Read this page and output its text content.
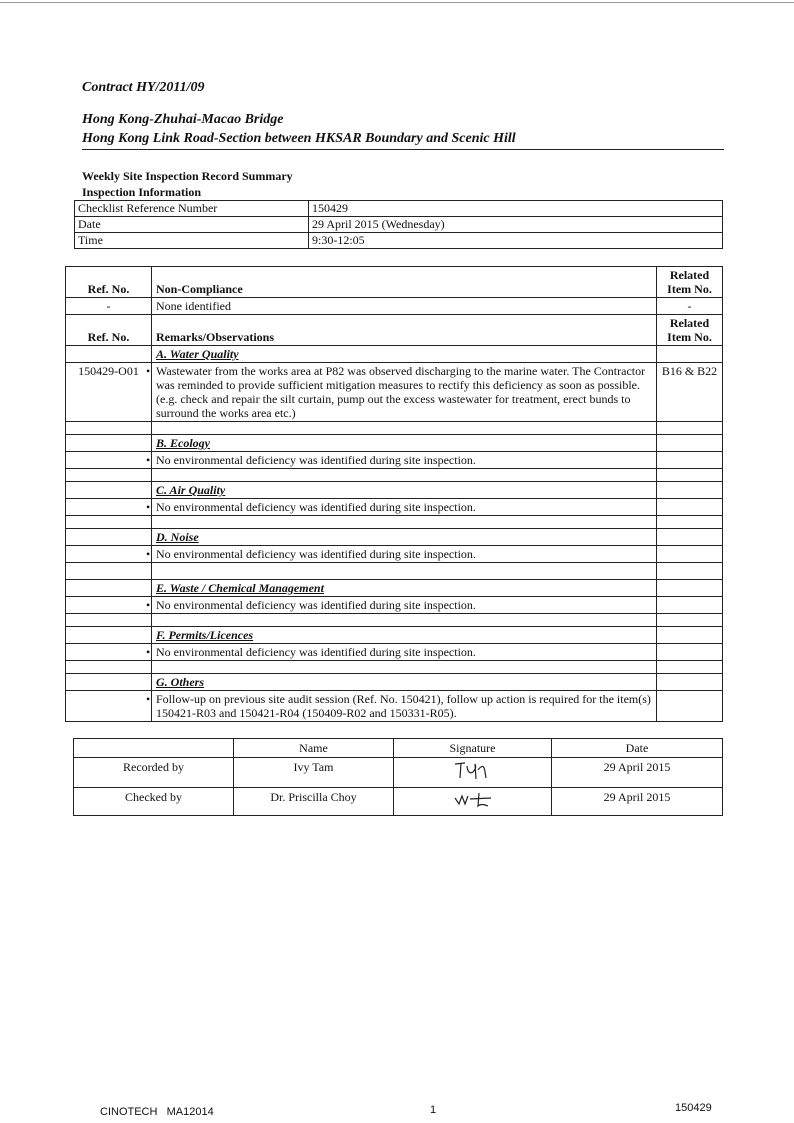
Contract HY/2011/09
Hong Kong-Zhuhai-Macao Bridge
Hong Kong Link Road-Section between HKSAR Boundary and Scenic Hill
Weekly Site Inspection Record Summary
Inspection Information
Checklist Reference Number	150429
Date	29 April 2015 (Wednesday)
Time	9:30-12:05
Ref. No.	Non-Compliance	Related Item No.
-	None identified	-
Ref. No.	Remarks/Observations	Related Item No.
	A. Water Quality	
150429-O01	• Wastewater from the works area at P82 was observed discharging to the marine water. The Contractor was reminded to provide sufficient mitigation measures to rectify this deficiency as soon as possible. (e.g. check and repair the silt curtain, pump out the excess wastewater for treatment, erect bunds to surround the works area etc.)	B16 & B22

	B. Ecology	
	• No environmental deficiency was identified during site inspection.	

	C. Air Quality	
	• No environmental deficiency was identified during site inspection.	

	D. Noise	
	• No environmental deficiency was identified during site inspection.	

	E. Waste / Chemical Management	
	• No environmental deficiency was identified during site inspection.	

	F. Permits/Licences	
	• No environmental deficiency was identified during site inspection.	

	G. Others	
	• Follow-up on previous site audit session (Ref. No. 150421), follow up action is required for the item(s) 150421-R03 and 150421-R04 (150409-R02 and 150331-R05).	
	Name	Signature	Date
Recorded by	Ivy Tam		29 April 2015
Checked by	Dr. Priscilla Choy		29 April 2015
CINOTECH   MA12014	1	150429
